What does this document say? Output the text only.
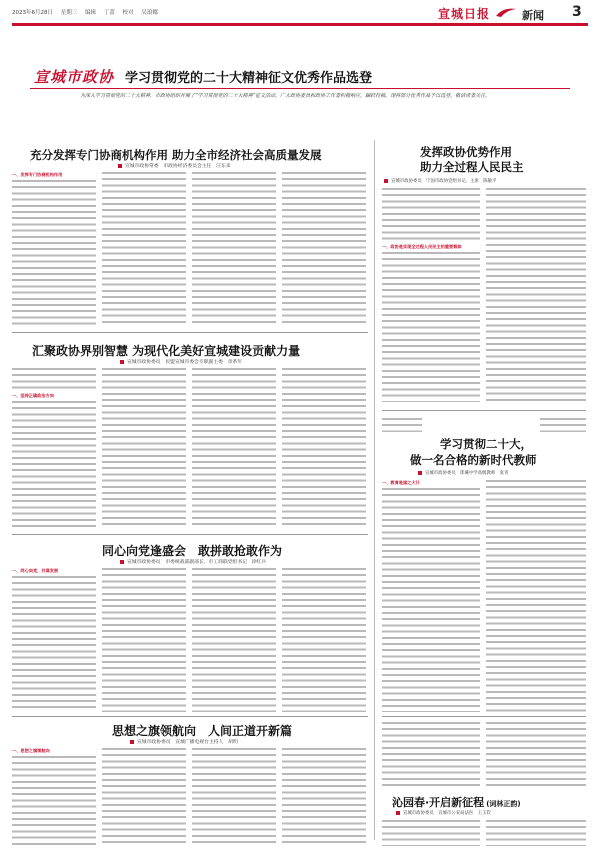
2023年6月28日 星期三 编辑 丁蕾 校对 吴琅娜	宣城日报	新闻 3
宣城市政协 学习贯彻党的二十大精神征文优秀作品选登
为深入学习贯彻党的二十大精神，市政协组织开展了“学习贯彻党的二十大精神”征文活动，广大政协委员和政协工作者积极响应，踊跃投稿。现将部分优秀作品予以选登，敬请读者关注。
充分发挥专门协商机构作用 助力全市经济社会高质量发展
宣城市政协常委　市政协经济委员会主任　汪东来
一、发挥专门协商机构作用
发挥政协优势作用
助力全过程人民民主
宣城市政协委员　宁国市政协党组书记、主席　陈敏平
一、政协是实现全过程人民民主的重要载体
汇聚政协界别智慧 为现代化美好宣城建设贡献力量
宣城市政协委员　民盟宣城市委会专职副主委　章革年
一、坚持正确政治方向
同心向党逢盛会　敢拼敢抢敢作为
宣城市政协委员　市委统战部副部长、市工商联党组书记　徐红兵
一、同心向党，共谋发展
学习贯彻二十大，
做一名合格的新时代教师
宣城市政协委员　郎溪中学高级教师　张青
一、教育是国之大计
思想之旗领航向　人间正道开新篇
宣城市政协委员　宣城广播电视台主持人　胡明
一、思想之旗领航向
沁园春·开启新征程 (词林正韵)
宣城市政协委员　宣城市公安局法医　王玉钦
